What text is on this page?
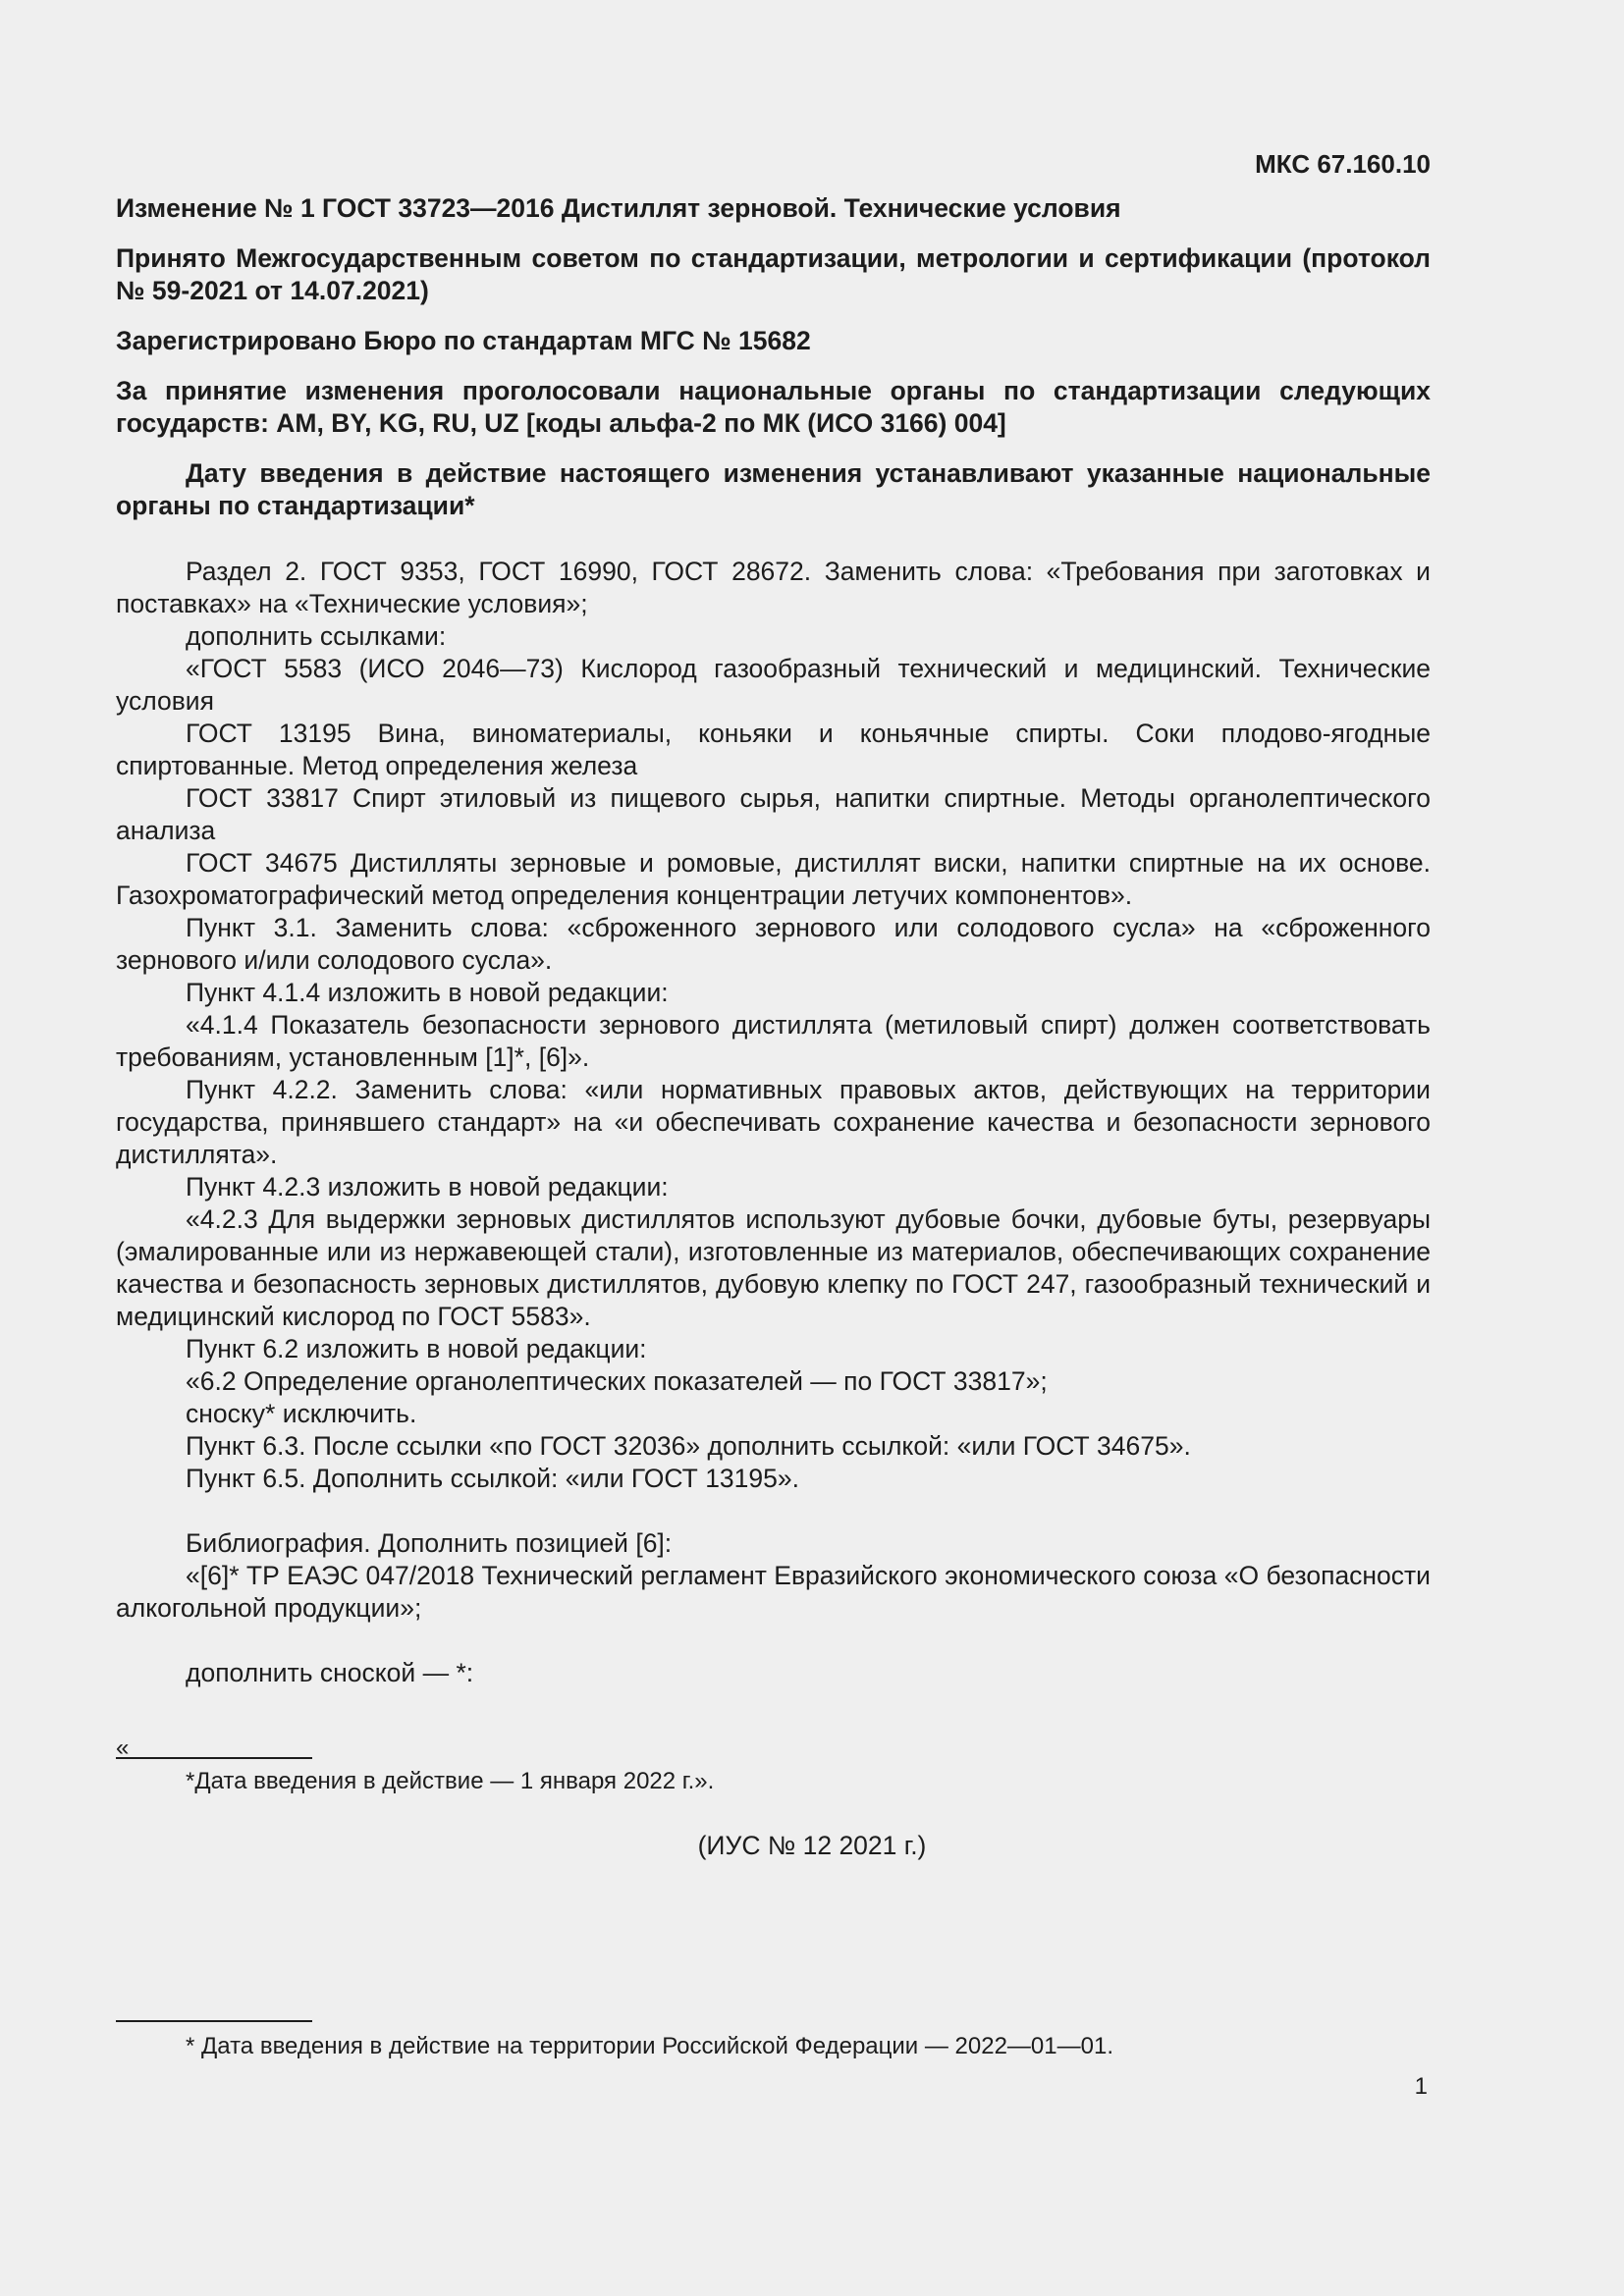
МКС 67.160.10

Изменение № 1 ГОСТ 33723—2016 Дистиллят зерновой. Технические условия

Принято Межгосударственным советом по стандартизации, метрологии и сертификации (протокол № 59-2021 от 14.07.2021)

Зарегистрировано Бюро по стандартам МГС № 15682

За принятие изменения проголосовали национальные органы по стандартизации следующих государств: AM, BY, KG, RU, UZ [коды альфа-2 по МК (ИСО 3166) 004]

Дату введения в действие настоящего изменения устанавливают указанные национальные органы по стандартизации*

Раздел 2. ГОСТ 9353, ГОСТ 16990, ГОСТ 28672. Заменить слова: «Требования при заготовках и поставках» на «Технические условия»;

дополнить ссылками:

«ГОСТ 5583 (ИСО 2046—73) Кислород газообразный технический и медицинский. Технические условия

ГОСТ 13195 Вина, виноматериалы, коньяки и коньячные спирты. Соки плодово-ягодные спиртованные. Метод определения железа

ГОСТ 33817 Спирт этиловый из пищевого сырья, напитки спиртные. Методы органолептического анализа

ГОСТ 34675 Дистилляты зерновые и ромовые, дистиллят виски, напитки спиртные на их основе. Газохроматографический метод определения концентрации летучих компонентов».

Пункт 3.1. Заменить слова: «сброженного зернового или солодового сусла» на «сброженного зернового и/или солодового сусла».

Пункт 4.1.4 изложить в новой редакции:

«4.1.4 Показатель безопасности зернового дистиллята (метиловый спирт) должен соответствовать требованиям, установленным [1]*, [6]».

Пункт 4.2.2. Заменить слова: «или нормативных правовых актов, действующих на территории государства, принявшего стандарт» на «и обеспечивать сохранение качества и безопасности зернового дистиллята».

Пункт 4.2.3 изложить в новой редакции:

«4.2.3 Для выдержки зерновых дистиллятов используют дубовые бочки, дубовые буты, резервуары (эмалированные или из нержавеющей стали), изготовленные из материалов, обеспечивающих сохранение качества и безопасность зерновых дистиллятов, дубовую клепку по ГОСТ 247, газообразный технический и медицинский кислород по ГОСТ 5583».

Пункт 6.2 изложить в новой редакции:

«6.2 Определение органолептических показателей — по ГОСТ 33817»;

сноску* исключить.

Пункт 6.3. После ссылки «по ГОСТ 32036» дополнить ссылкой: «или ГОСТ 34675».

Пункт 6.5. Дополнить ссылкой: «или ГОСТ 13195».

Библиография. Дополнить позицией [6]:

«[6]* ТР ЕАЭС 047/2018 Технический регламент Евразийского экономического союза «О безопасности алкогольной продукции»;

дополнить сноской — *:

«
*Дата введения в действие — 1 января 2022 г.».
(ИУС № 12 2021 г.)
* Дата введения в действие на территории Российской Федерации — 2022—01—01.
1
